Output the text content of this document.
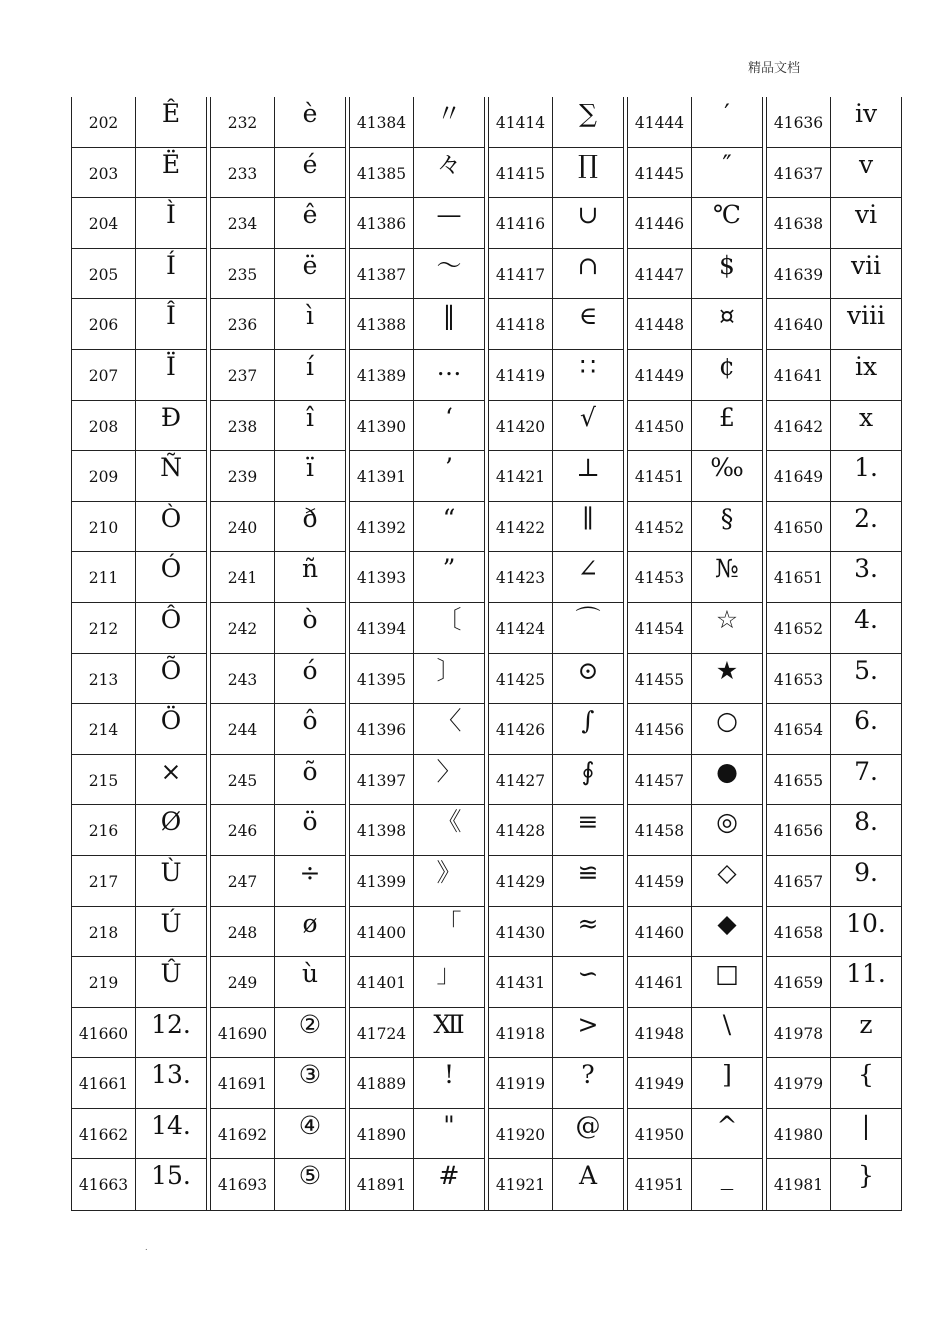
精品文档
202
203
204
205
206
207
208
209
210
211
212
213
214
215
216
217
218
219
41660
41661
41662
41663
Ê
Ë
Ì
Í
Î
Ï
Ð
Ñ
Ò
Ó
Ô
Õ
Ö
×
Ø
Ù
Ú
Û
12.
13.
14.
15.
232
233
234
235
236
237
238
239
240
241
242
243
244
245
246
247
248
249
41690
41691
41692
41693
è
é
ê
ë
ì
í
î
ï
ð
ñ
ò
ó
ô
õ
ö
÷
ø
ù
②
③
④
⑤
41384
41385
41386
41387
41388
41389
41390
41391
41392
41393
41394
41395
41396
41397
41398
41399
41400
41401
41724
41889
41890
41891
〃
々
—
～
‖
…
‘
’
“
”
〔
〕
〈
〉
《
》
「
」
Ⅻ
!
"
#
41414
41415
41416
41417
41418
41419
41420
41421
41422
41423
41424
41425
41426
41427
41428
41429
41430
41431
41918
41919
41920
41921
∑
∏
∪
∩
∈
∷
√
⊥
∥
∠
⌒
⊙
∫
∮
≡
≌
≈
∽
>
?
@
A
41444
41445
41446
41447
41448
41449
41450
41451
41452
41453
41454
41455
41456
41457
41458
41459
41460
41461
41948
41949
41950
41951
′
″
℃
$
¤
¢
£
‰
§
№
☆
★
○
●
◎
◇
◆
□
\
]
^
_
41636
41637
41638
41639
41640
41641
41642
41649
41650
41651
41652
41653
41654
41655
41656
41657
41658
41659
41978
41979
41980
41981
ⅳ
ⅴ
ⅵ
ⅶ
ⅷ
ⅸ
ⅹ
1.
2.
3.
4.
5.
6.
7.
8.
9.
10.
11.
z
{
|
}
.
